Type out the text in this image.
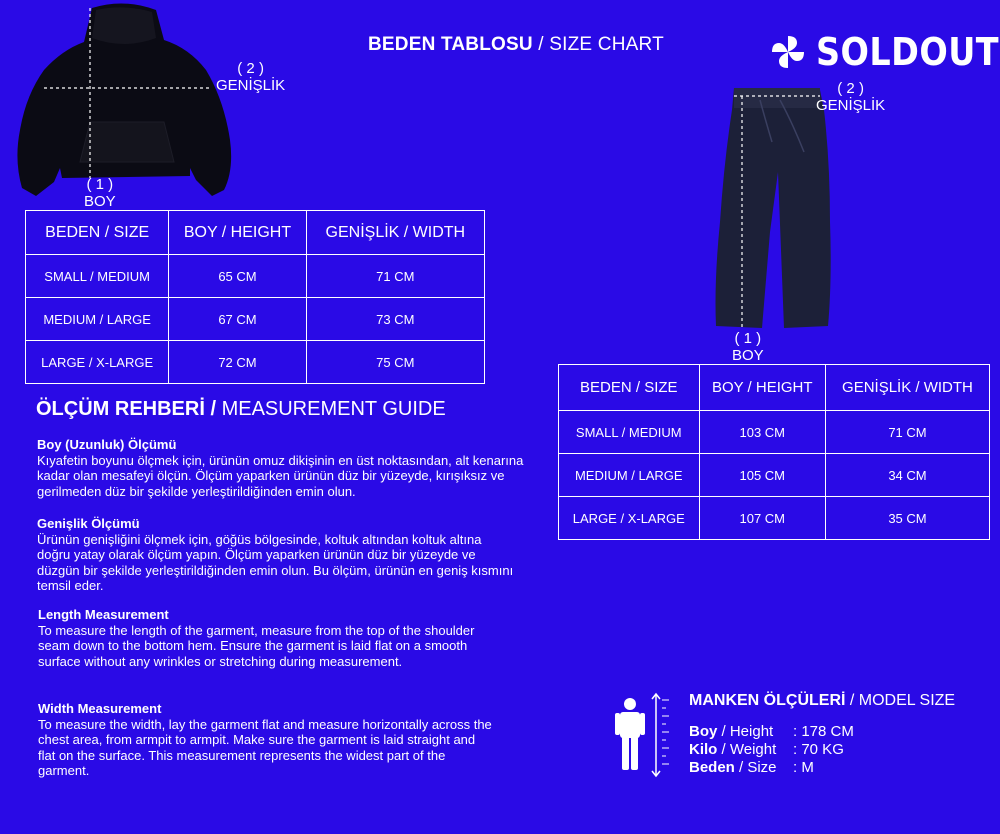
BEDEN TABLOSU / SIZE CHART	SOLDOUT
( 2 )
GENİŞLİK
( 1 )
BOY
BEDEN / SIZE	BOY / HEIGHT	GENİŞLİK / WIDTH
SMALL / MEDIUM	65 CM	71 CM
MEDIUM / LARGE	67 CM	73 CM
LARGE / X-LARGE	72 CM	75 CM
( 2 )
GENİŞLİK
( 1 )
BOY
BEDEN / SIZE	BOY / HEIGHT	GENİŞLİK / WIDTH
SMALL / MEDIUM	103 CM	71 CM
MEDIUM / LARGE	105 CM	34 CM
LARGE / X-LARGE	107 CM	35 CM
ÖLÇÜM REHBERİ / MEASUREMENT GUIDE
Boy (Uzunluk) Ölçümü

Kıyafetin boyunu ölçmek için, ürünün omuz dikişinin en üst noktasından, alt kenarına kadar olan mesafeyi ölçün. Ölçüm yaparken ürünün düz bir yüzeyde, kırışıksız ve gerilmeden düz bir şekilde yerleştirildiğinden emin olun.

Genişlik Ölçümü

Ürünün genişliğini ölçmek için, göğüs bölgesinde, koltuk altından koltuk altına doğru yatay olarak ölçüm yapın. Ölçüm yaparken ürünün düz bir yüzeyde ve düzgün bir şekilde yerleştirildiğinden emin olun. Bu ölçüm, ürünün en geniş kısmını temsil eder.

Length Measurement

To measure the length of the garment, measure from the top of the shoulder seam down to the bottom hem. Ensure the garment is laid flat on a smooth surface without any wrinkles or stretching during measurement.

Width Measurement

To measure the width, lay the garment flat and measure horizontally across the chest area, from armpit to armpit. Make sure the garment is laid straight and flat on the surface. This measurement represents the widest part of the garment.

MANKEN ÖLÇÜLERİ / MODEL SIZE
Boy / Height	: 178 CM
Kilo / Weight	: 70 KG
Beden / Size	: M
